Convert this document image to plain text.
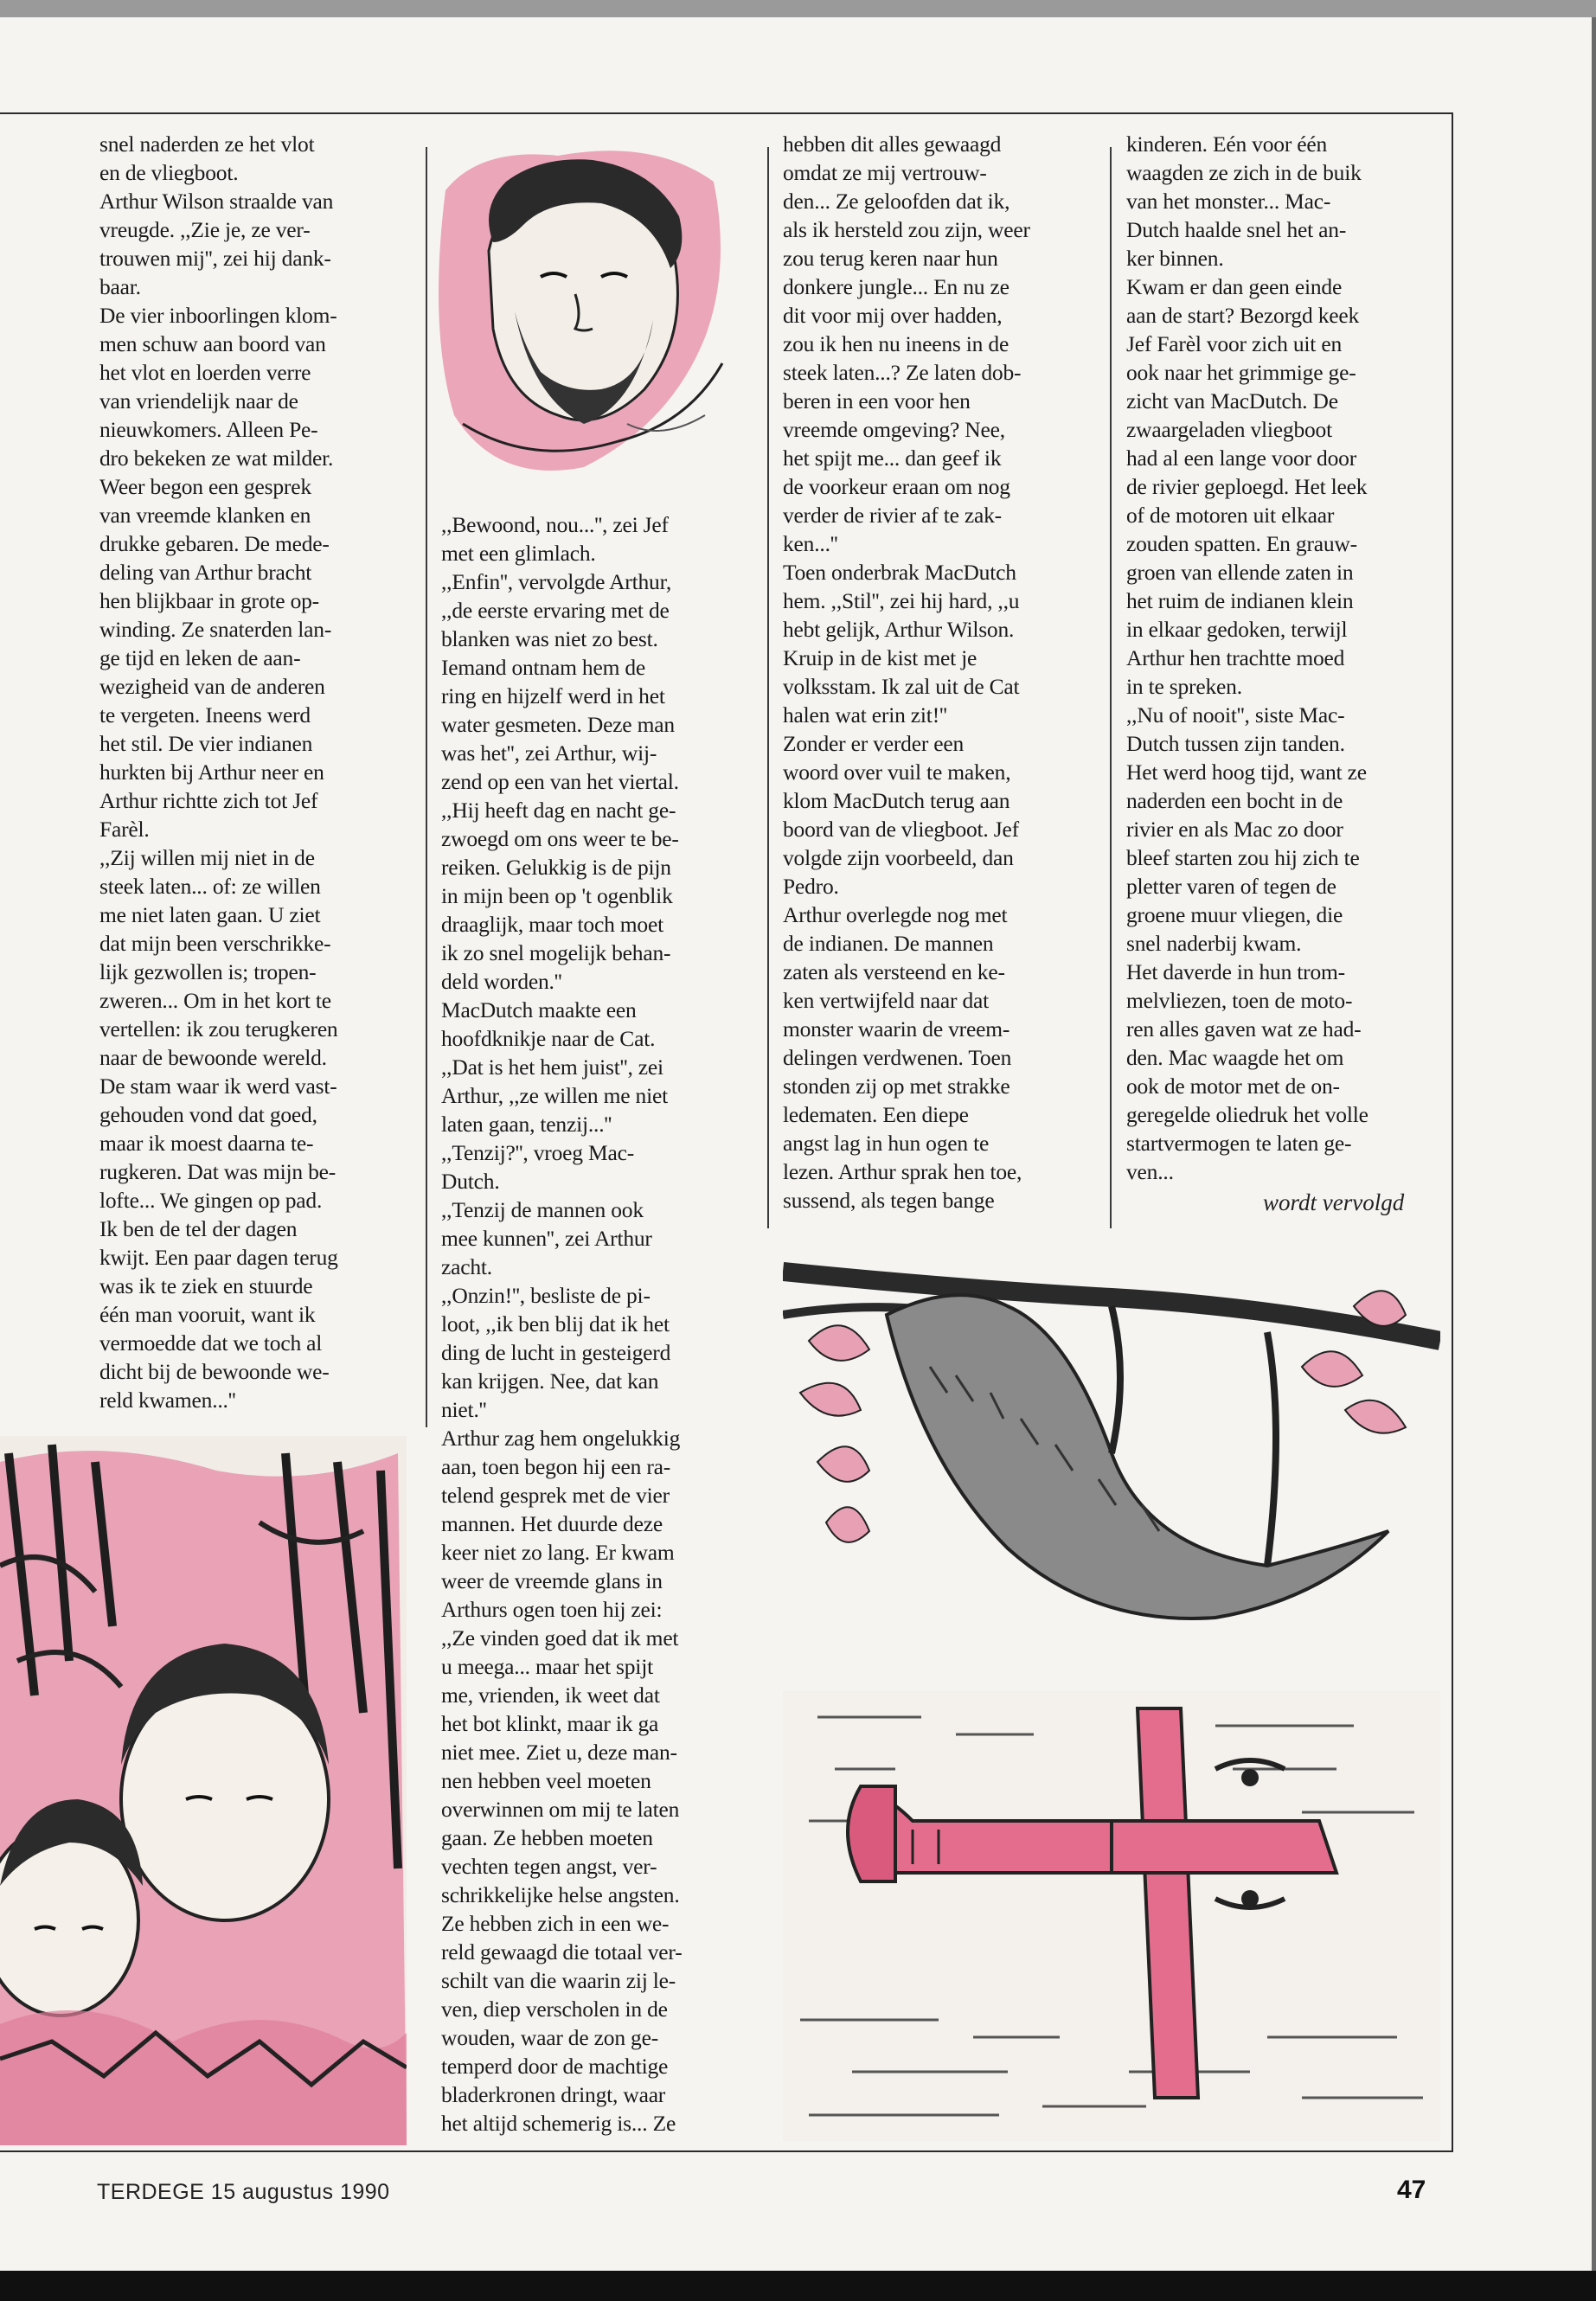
snel naderden ze het vlot
en de vliegboot.
Arthur Wilson straalde van
vreugde. ,,Zie je, ze ver-
trouwen mij'', zei hij dank-
baar.
De vier inboorlingen klom-
men schuw aan boord van
het vlot en loerden verre
van vriendelijk naar de
nieuwkomers. Alleen Pe-
dro bekeken ze wat milder.
Weer begon een gesprek
van vreemde klanken en
drukke gebaren. De mede-
deling van Arthur bracht
hen blijkbaar in grote op-
winding. Ze snaterden lan-
ge tijd en leken de aan-
wezigheid van de anderen
te vergeten. Ineens werd
het stil. De vier indianen
hurkten bij Arthur neer en
Arthur richtte zich tot Jef
Farèl.
,,Zij willen mij niet in de
steek laten... of: ze willen
me niet laten gaan. U ziet
dat mijn been verschrikke-
lijk gezwollen is; tropen-
zweren... Om in het kort te
vertellen: ik zou terugkeren
naar de bewoonde wereld.
De stam waar ik werd vast-
gehouden vond dat goed,
maar ik moest daarna te-
rugkeren. Dat was mijn be-
lofte... We gingen op pad.
Ik ben de tel der dagen
kwijt. Een paar dagen terug
was ik te ziek en stuurde
één man vooruit, want ik
vermoedde dat we toch al
dicht bij de bewoonde we-
reld kwamen...''
,,Bewoond, nou...'', zei Jef
met een glimlach.
,,Enfin'', vervolgde Arthur,
,,de eerste ervaring met de
blanken was niet zo best.
Iemand ontnam hem de
ring en hijzelf werd in het
water gesmeten. Deze man
was het'', zei Arthur, wij-
zend op een van het viertal.
,,Hij heeft dag en nacht ge-
zwoegd om ons weer te be-
reiken. Gelukkig is de pijn
in mijn been op 't ogenblik
draaglijk, maar toch moet
ik zo snel mogelijk behan-
deld worden.''
MacDutch maakte een
hoofdknikje naar de Cat.
,,Dat is het hem juist'', zei
Arthur, ,,ze willen me niet
laten gaan, tenzij...''
,,Tenzij?'', vroeg Mac-
Dutch.
,,Tenzij de mannen ook
mee kunnen'', zei Arthur
zacht.
,,Onzin!'', besliste de pi-
loot, ,,ik ben blij dat ik het
ding de lucht in gesteigerd
kan krijgen. Nee, dat kan
niet.''
Arthur zag hem ongelukkig
aan, toen begon hij een ra-
telend gesprek met de vier
mannen. Het duurde deze
keer niet zo lang. Er kwam
weer de vreemde glans in
Arthurs ogen toen hij zei:
,,Ze vinden goed dat ik met
u meega... maar het spijt
me, vrienden, ik weet dat
het bot klinkt, maar ik ga
niet mee. Ziet u, deze man-
nen hebben veel moeten
overwinnen om mij te laten
gaan. Ze hebben moeten
vechten tegen angst, ver-
schrikkelijke helse angsten.
Ze hebben zich in een we-
reld gewaagd die totaal ver-
schilt van die waarin zij le-
ven, diep verscholen in de
wouden, waar de zon ge-
temperd door de machtige
bladerkronen dringt, waar
het altijd schemerig is... Ze
hebben dit alles gewaagd
omdat ze mij vertrouw-
den... Ze geloofden dat ik,
als ik hersteld zou zijn, weer
zou terug keren naar hun
donkere jungle... En nu ze
dit voor mij over hadden,
zou ik hen nu ineens in de
steek laten...? Ze laten dob-
beren in een voor hen
vreemde omgeving? Nee,
het spijt me... dan geef ik
de voorkeur eraan om nog
verder de rivier af te zak-
ken...''
Toen onderbrak MacDutch
hem. ,,Stil'', zei hij hard, ,,u
hebt gelijk, Arthur Wilson.
Kruip in de kist met je
volksstam. Ik zal uit de Cat
halen wat erin zit!''
Zonder er verder een
woord over vuil te maken,
klom MacDutch terug aan
boord van de vliegboot. Jef
volgde zijn voorbeeld, dan
Pedro.
Arthur overlegde nog met
de indianen. De mannen
zaten als versteend en ke-
ken vertwijfeld naar dat
monster waarin de vreem-
delingen verdwenen. Toen
stonden zij op met strakke
ledematen. Een diepe
angst lag in hun ogen te
lezen. Arthur sprak hen toe,
sussend, als tegen bange
kinderen. Eén voor één
waagden ze zich in de buik
van het monster... Mac-
Dutch haalde snel het an-
ker binnen.
Kwam er dan geen einde
aan de start? Bezorgd keek
Jef Farèl voor zich uit en
ook naar het grimmige ge-
zicht van MacDutch. De
zwaargeladen vliegboot
had al een lange voor door
de rivier geploegd. Het leek
of de motoren uit elkaar
zouden spatten. En grauw-
groen van ellende zaten in
het ruim de indianen klein
in elkaar gedoken, terwijl
Arthur hen trachtte moed
in te spreken.
,,Nu of nooit'', siste Mac-
Dutch tussen zijn tanden.
Het werd hoog tijd, want ze
naderden een bocht in de
rivier en als Mac zo door
bleef starten zou hij zich te
pletter varen of tegen de
groene muur vliegen, die
snel naderbij kwam.
Het daverde in hun trom-
melvliezen, toen de moto-
ren alles gaven wat ze had-
den. Mac waagde het om
ook de motor met de on-
geregelde oliedruk het volle
startvermogen te laten ge-
ven...
wordt vervolgd
TERDEGE 15 augustus 1990	47
